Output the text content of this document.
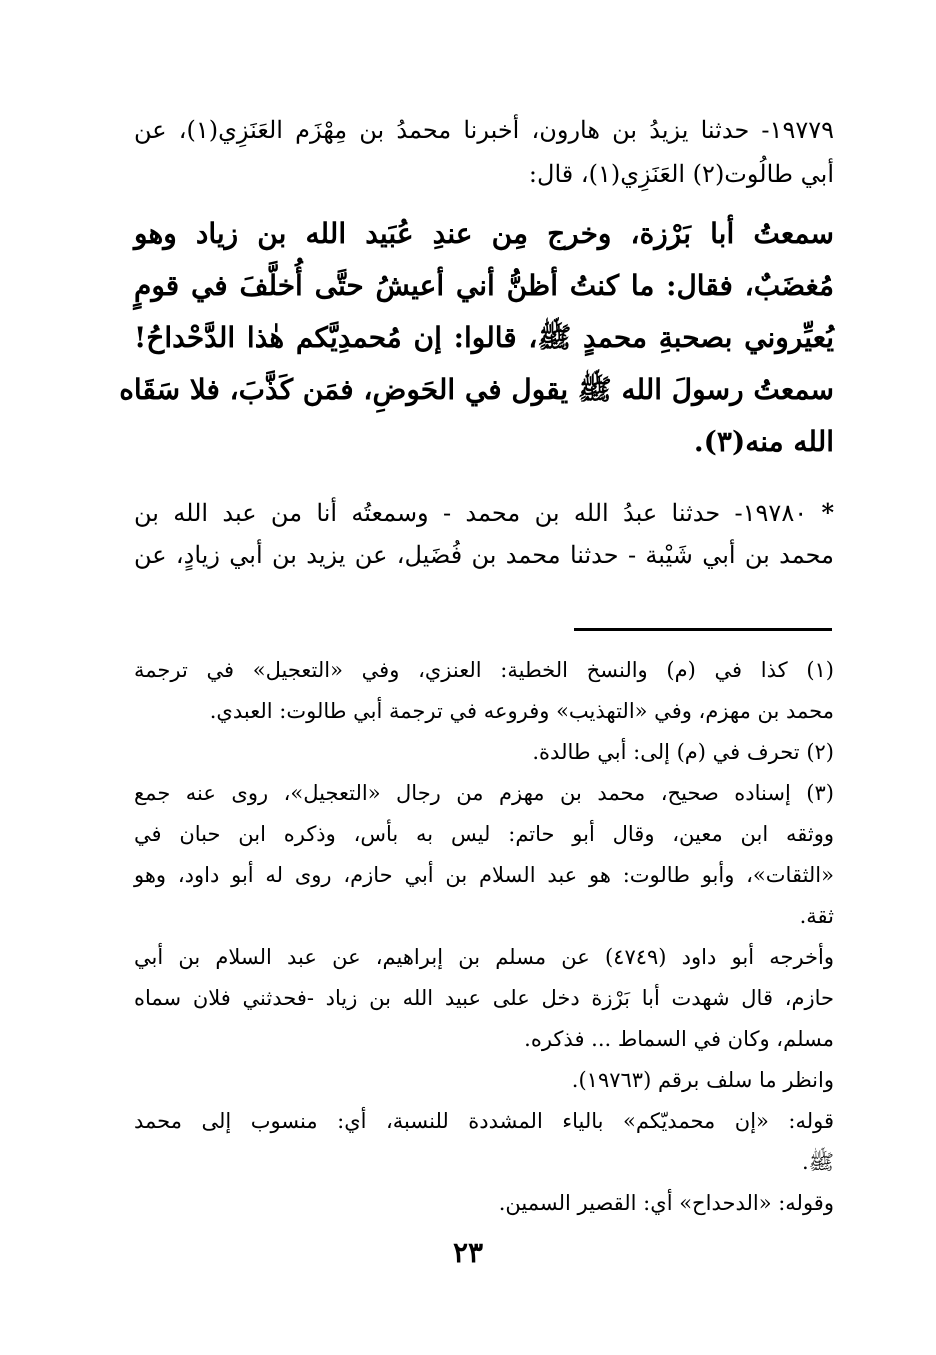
١٩٧٧٩- حدثنا يزيدُ بن هارون، أخبرنا محمدُ بن مِهْزَم العَنَزِي(١)، عن
أبي طالُوت(٢) العَنَزِي(١)، قال:
سمعتُ أبا بَرْزة، وخرج مِن عندِ عُبَيد الله بن زياد وهو
مُغضَبٌ، فقال: ما كنتُ أظنُّ أني أعيشُ حتَّى أُخلَّفَ في قومٍ
يُعيِّروني بصحبةِ محمدٍ ﷺ، قالوا: إن مُحمدِيَّكم هٰذا الدَّحْداحُ!
سمعتُ رسولَ الله ﷺ يقول في الحَوضِ، فمَن كَذَّبَ، فلا سَقَاه
الله منه(٣).
* ١٩٧٨٠- حدثنا عبدُ الله بن محمد - وسمعتُه أنا من عبد الله بن
محمد بن أبي شَيْبة - حدثنا محمد بن فُضَيل، عن يزيد بن أبي زيادٍ، عن
(١) كذا في (م) والنسخ الخطية: العنزي، وفي «التعجيل» في ترجمة
محمد بن مهزم، وفي «التهذيب» وفروعه في ترجمة أبي طالوت: العبدي.
(٢) تحرف في (م) إلى: أبي طالدة.
(٣) إسناده صحيح، محمد بن مهزم من رجال «التعجيل»، روى عنه جمع
ووثقه ابن معين، وقال أبو حاتم: ليس به بأس، وذكره ابن حبان في
«الثقات»، وأبو طالوت: هو عبد السلام بن أبي حازم، روى له أبو داود، وهو
ثقة.
وأخرجه أبو داود (٤٧٤٩) عن مسلم بن إبراهيم، عن عبد السلام بن أبي
حازم، قال شهدت أبا بَرْزة دخل على عبيد الله بن زياد -فحدثني فلان سماه
مسلم، وكان في السماط ... فذكره.
وانظر ما سلف برقم (١٩٧٦٣).
قوله: «إن محمديّكم» بالياء المشددة للنسبة، أي: منسوب إلى محمد
ﷺ.
وقوله: «الدحداح» أي: القصير السمين.
٢٣
